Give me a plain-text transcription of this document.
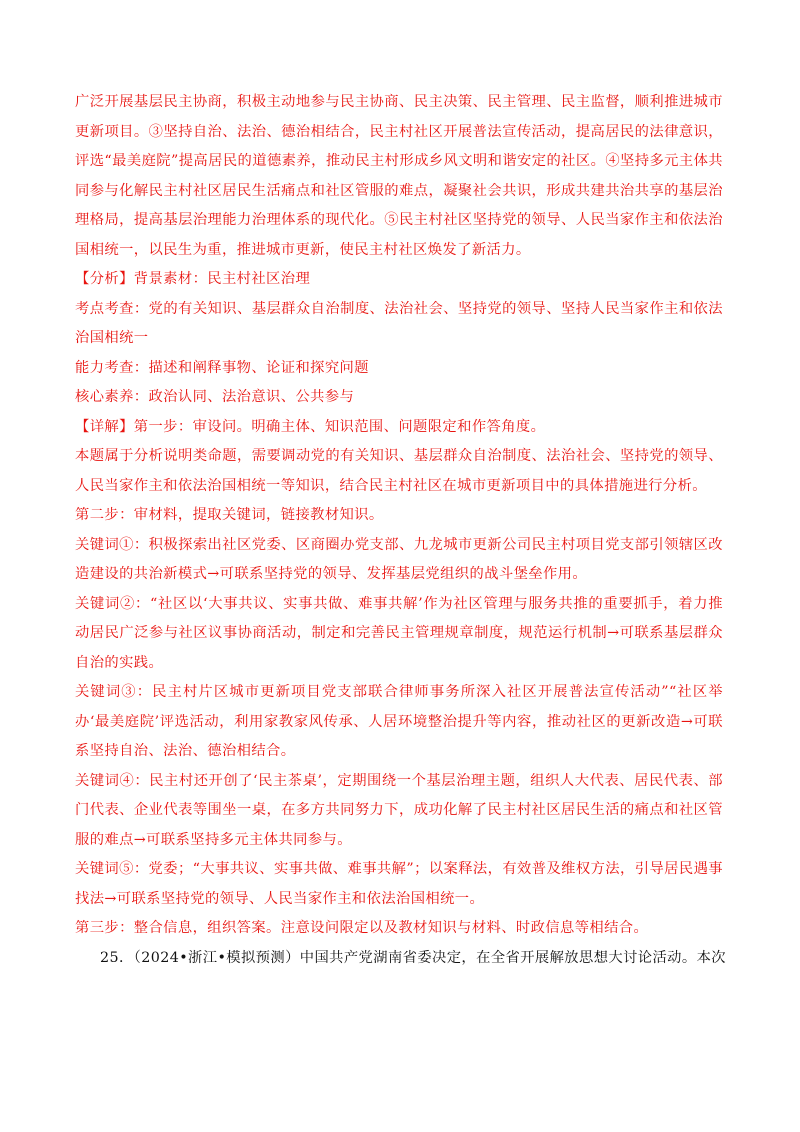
广泛开展基层民主协商，积极主动地参与民主协商、民主决策、民主管理、民主监督，顺利推进城市更新项目。③坚持自治、法治、德治相结合，民主村社区开展普法宣传活动，提高居民的法律意识，评选“最美庭院”提高居民的道德素养，推动民主村形成乡风文明和谐安定的社区。④坚持多元主体共同参与化解民主村社区居民生活痛点和社区管服的难点，凝聚社会共识，形成共建共治共享的基层治理格局，提高基层治理能力治理体系的现代化。⑤民主村社区坚持党的领导、人民当家作主和依法治国相统一，以民生为重，推进城市更新，使民主村社区焕发了新活力。

【分析】背景素材：民主村社区治理

考点考查：党的有关知识、基层群众自治制度、法治社会、坚持党的领导、坚持人民当家作主和依法治国相统一

能力考查：描述和阐释事物、论证和探究问题

核心素养：政治认同、法治意识、公共参与

【详解】第一步：审设问。明确主体、知识范围、问题限定和作答角度。

本题属于分析说明类命题，需要调动党的有关知识、基层群众自治制度、法治社会、坚持党的领导、人民当家作主和依法治国相统一等知识，结合民主村社区在城市更新项目中的具体措施进行分析。

第二步：审材料，提取关键词，链接教材知识。

关键词①：积极探索出社区党委、区商圈办党支部、九龙城市更新公司民主村项目党支部引领辖区改造建设的共治新模式→可联系坚持党的领导、发挥基层党组织的战斗堡垒作用。

关键词②：“社区以‘大事共议、实事共做、难事共解’作为社区管理与服务共推的重要抓手，着力推动居民广泛参与社区议事协商活动，制定和完善民主管理规章制度，规范运行机制→可联系基层群众自治的实践。

关键词③：民主村片区城市更新项目党支部联合律师事务所深入社区开展普法宣传活动”“社区举办‘最美庭院’评选活动，利用家教家风传承、人居环境整治提升等内容，推动社区的更新改造→可联系坚持自治、法治、德治相结合。

关键词④：民主村还开创了‘民主茶桌’，定期围绕一个基层治理主题，组织人大代表、居民代表、部门代表、企业代表等围坐一桌，在多方共同努力下，成功化解了民主村社区居民生活的痛点和社区管服的难点→可联系坚持多元主体共同参与。

关键词⑤：党委；“大事共议、实事共做、难事共解”；以案释法，有效普及维权方法，引导居民遇事找法→可联系坚持党的领导、人民当家作主和依法治国相统一。

第三步：整合信息，组织答案。注意设问限定以及教材知识与材料、时政信息等相结合。

25．（2024•浙江•模拟预测）中国共产党湖南省委决定，在全省开展解放思想大讨论活动。本次
